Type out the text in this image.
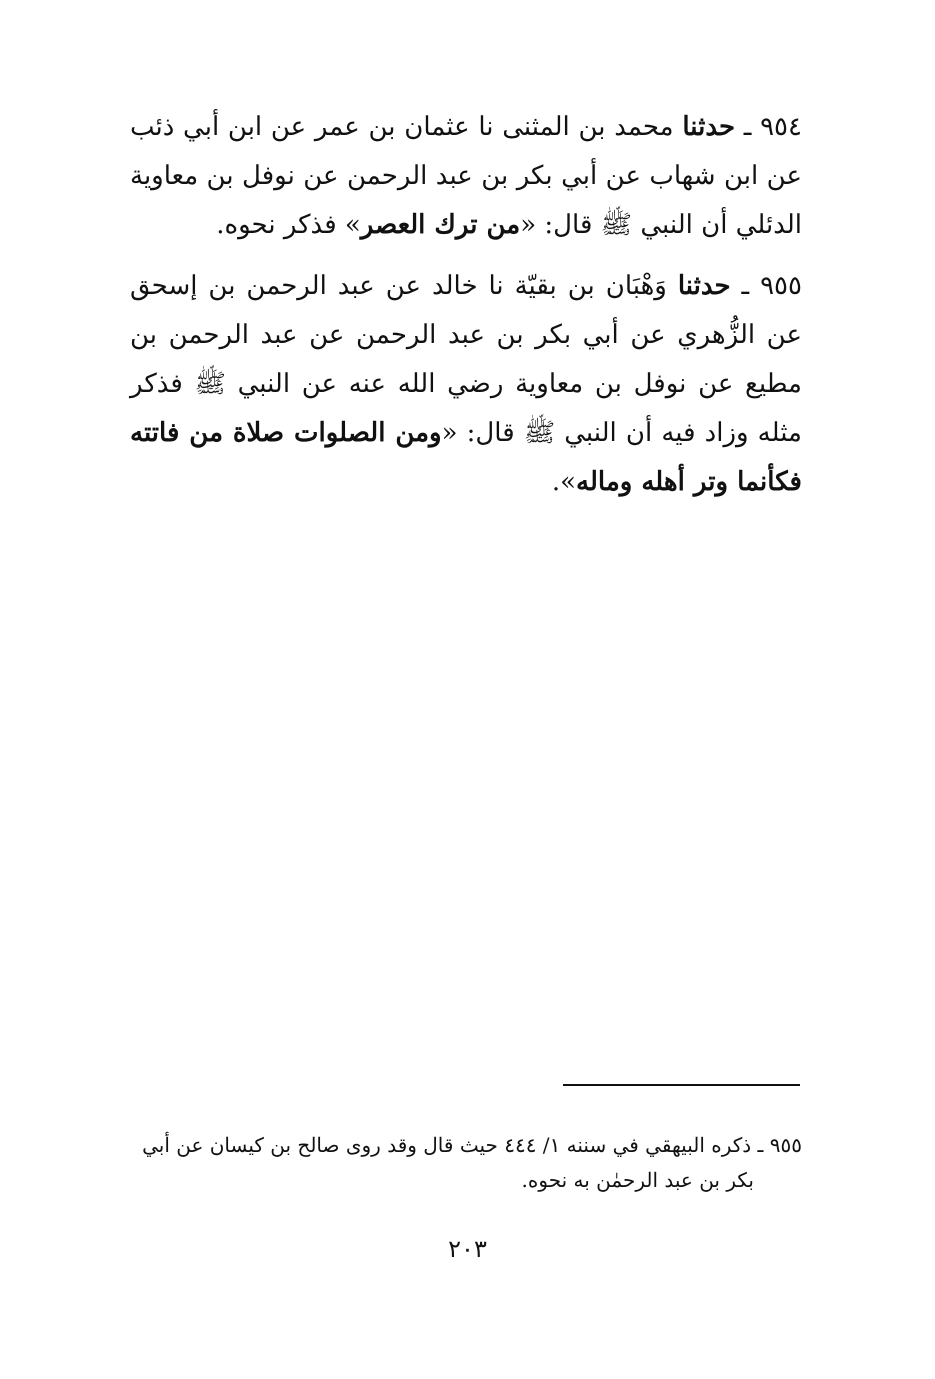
٩٥٤ ـ حدثنا محمد بن المثنى نا عثمان بن عمر عن ابن أبي ذئب عن ابن شهاب عن أبي بكر بن عبد الرحمن عن نوفل بن معاوية الدئلي أن النبي ﷺ قال: «من ترك العصر» فذكر نحوه.

٩٥٥ ـ حدثنا وَهْبَان بن بقيّة نا خالد عن عبد الرحمن بن إسحق عن الزُّهري عن أبي بكر بن عبد الرحمن عن عبد الرحمن بن مطيع عن نوفل بن معاوية رضي الله عنه عن النبي ﷺ فذكر مثله وزاد فيه أن النبي ﷺ قال: «ومن الصلوات صلاة من فاتته فكأنما وتر أهله وماله».

٩٥٥ ـ ذكره البيهقي في سننه ١/ ٤٤٤ حيث قال وقد روى صالح بن كيسان عن أبي
بكر بن عبد الرحمٰن به نحوه.

٢٠٣
